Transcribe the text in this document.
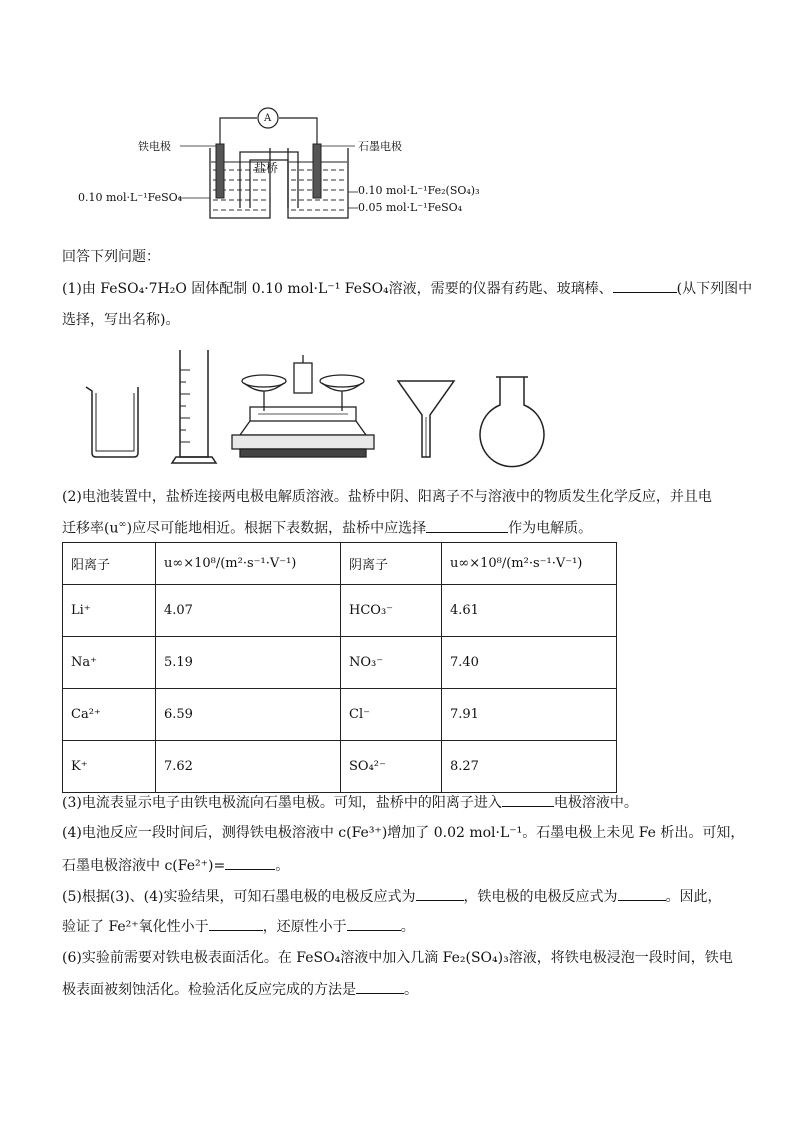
A
盐桥
铁电极	石墨电极
0.10 mol·L⁻¹FeSO₄
0.10 mol·L⁻¹Fe₂(SO₄)₃
0.05 mol·L⁻¹FeSO₄
回答下列问题：
(1)由 FeSO₄·7H₂O 固体配制 0.10 mol·L⁻¹ FeSO₄溶液，需要的仪器有药匙、玻璃棒、	(从下列图中
选择，写出名称)。
(2)电池装置中，盐桥连接两电极电解质溶液。盐桥中阴、阳离子不与溶液中的物质发生化学反应，并且电
迁移率(u∞)应尽可能地相近。根据下表数据，盐桥中应选择	作为电解质。
阳离子	u∞×10⁸/(m²·s⁻¹·V⁻¹)	阴离子	u∞×10⁸/(m²·s⁻¹·V⁻¹)
Li⁺	4.07	HCO₃⁻	4.61
Na⁺	5.19	NO₃⁻	7.40
Ca²⁺	6.59	Cl⁻	7.91
K⁺	7.62	SO₄²⁻	8.27
(3)电流表显示电子由铁电极流向石墨电极。可知，盐桥中的阳离子进入	电极溶液中。
(4)电池反应一段时间后，测得铁电极溶液中 c(Fe³⁺)增加了 0.02 mol·L⁻¹。石墨电极上未见 Fe 析出。可知，
石墨电极溶液中 c(Fe²⁺)=	。
(5)根据(3)、(4)实验结果，可知石墨电极的电极反应式为	，铁电极的电极反应式为	。因此，
验证了 Fe²⁺氧化性小于	，还原性小于	。
(6)实验前需要对铁电极表面活化。在 FeSO₄溶液中加入几滴 Fe₂(SO₄)₃溶液，将铁电极浸泡一段时间，铁电
极表面被刻蚀活化。检验活化反应完成的方法是	。
